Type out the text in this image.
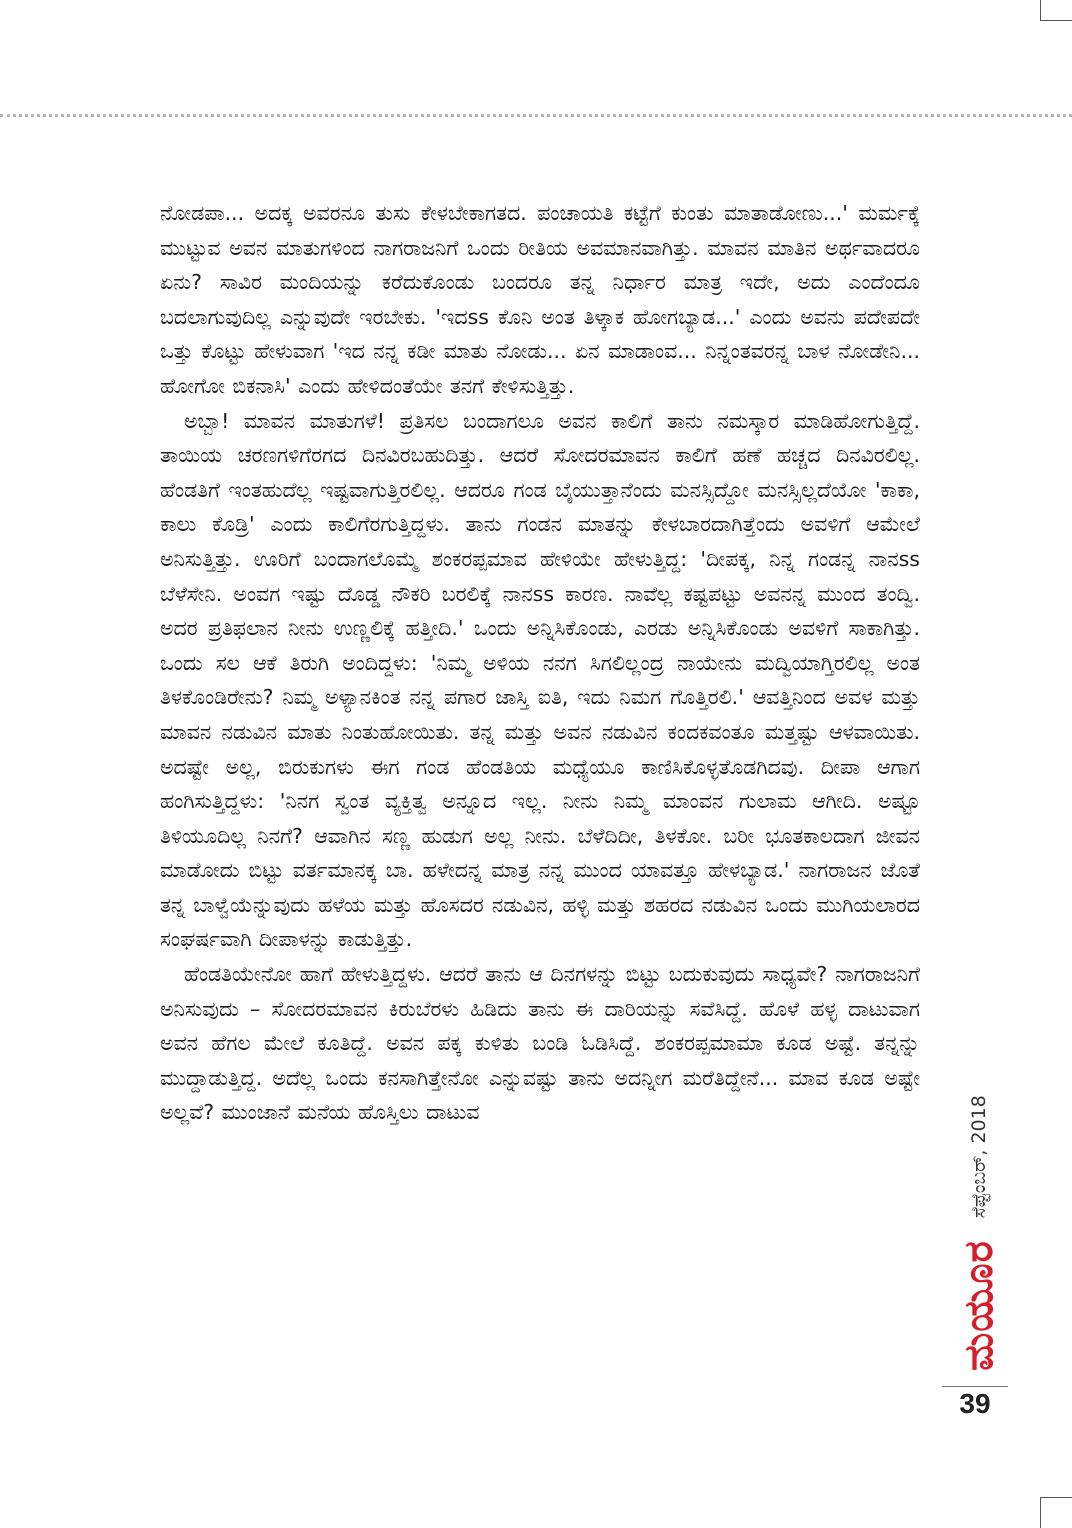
ನೋಡಪಾ... ಅದಕ್ಕ ಅವರನೂ ತುಸು ಕೇಳಬೇಕಾಗತದ. ಪಂಚಾಯತಿ ಕಟ್ಟೆಗೆ ಕುಂತು ಮಾತಾಡೋಣು...' ಮರ್ಮಕ್ಕೆ ಮುಟ್ಟುವ ಅವನ ಮಾತುಗಳಿಂದ ನಾಗರಾಜನಿಗೆ ಒಂದು ರೀತಿಯ ಅವಮಾನವಾಗಿತ್ತು. ಮಾವನ ಮಾತಿನ ಅರ್ಥವಾದರೂ ಏನು? ಸಾವಿರ ಮಂದಿಯನ್ನು ಕರೆದುಕೊಂಡು ಬಂದರೂ ತನ್ನ ನಿರ್ಧಾರ ಮಾತ್ರ ಇದೇ, ಅದು ಎಂದೆಂದೂ ಬದಲಾಗುವುದಿಲ್ಲ ಎನ್ನುವುದೇ ಇರಬೇಕು. 'ಇದss ಕೊನಿ ಅಂತ ತಿಳ್ಕಾಕ ಹೋಗಬ್ಯಾಡ...' ಎಂದು ಅವನು ಪದೇಪದೇ ಒತ್ತು ಕೊಟ್ಟು ಹೇಳುವಾಗ 'ಇದ ನನ್ನ ಕಡೀ ಮಾತು ನೋಡು... ಏನ ಮಾಡಾಂವ... ನಿನ್ನಂತವರನ್ನ ಬಾಳ ನೋಡೇನಿ... ಹೋಗೋ ಬಿಕನಾಸಿ' ಎಂದು ಹೇಳಿದಂತೆಯೇ ತನಗೆ ಕೇಳಿಸುತ್ತಿತ್ತು.

ಅಬ್ಬಾ! ಮಾವನ ಮಾತುಗಳೆ! ಪ್ರತಿಸಲ ಬಂದಾಗಲೂ ಅವನ ಕಾಲಿಗೆ ತಾನು ನಮಸ್ಕಾರ ಮಾಡಿಹೋಗುತ್ತಿದ್ದೆ. ತಾಯಿಯ ಚರಣಗಳಿಗೆರಗದ ದಿನವಿರಬಹುದಿತ್ತು. ಆದರೆ ಸೋದರಮಾವನ ಕಾಲಿಗೆ ಹಣೆ ಹಚ್ಚದ ದಿನವಿರಲಿಲ್ಲ. ಹೆಂಡತಿಗೆ ಇಂತಹುದೆಲ್ಲ ಇಷ್ಟವಾಗುತ್ತಿರಲಿಲ್ಲ. ಆದರೂ ಗಂಡ ಬೈಯುತ್ತಾನೆಂದು ಮನಸ್ಸಿದ್ದೋ ಮನಸ್ಸಿಲ್ಲದೆಯೋ 'ಕಾಕಾ, ಕಾಲು ಕೊಡ್ರಿ' ಎಂದು ಕಾಲಿಗೆರಗುತ್ತಿದ್ದಳು. ತಾನು ಗಂಡನ ಮಾತನ್ನು ಕೇಳಬಾರದಾಗಿತ್ತೆಂದು ಅವಳಿಗೆ ಆಮೇಲೆ ಅನಿಸುತ್ತಿತ್ತು. ಊರಿಗೆ ಬಂದಾಗಲೊಮ್ಮೆ ಶಂಕರಪ್ಪಮಾವ ಹೇಳಿಯೇ ಹೇಳುತ್ತಿದ್ದ: 'ದೀಪಕ್ಕ, ನಿನ್ನ ಗಂಡನ್ನ ನಾನss ಬೆಳೆಸೇನಿ. ಅಂವಗ ಇಷ್ಟು ದೊಡ್ಡ ನೌಕರಿ ಬರಲಿಕ್ಕೆ ನಾನss ಕಾರಣ. ನಾವೆಲ್ಲ ಕಷ್ಟಪಟ್ಟು ಅವನನ್ನ ಮುಂದ ತಂದ್ವಿ. ಅದರ ಪ್ರತಿಫಲಾನ ನೀನು ಉಣ್ಣಲಿಕ್ಕೆ ಹತ್ತೀದಿ.' ಒಂದು ಅನ್ನಿಸಿಕೊಂಡು, ಎರಡು ಅನ್ನಿಸಿಕೊಂಡು ಅವಳಿಗೆ ಸಾಕಾಗಿತ್ತು. ಒಂದು ಸಲ ಆಕೆ ತಿರುಗಿ ಅಂದಿದ್ದಳು: 'ನಿಮ್ಮ ಅಳಿಯ ನನಗ ಸಿಗಲಿಲ್ಲಂದ್ರ ನಾಯೇನು ಮದ್ವಿಯಾಗ್ತಿರಲಿಲ್ಲ ಅಂತ ತಿಳಕೊಂಡಿರೇನು? ನಿಮ್ಮ ಅಳ್ಯಾನಕಿಂತ ನನ್ನ ಪಗಾರ ಜಾಸ್ತಿ ಐತಿ, ಇದು ನಿಮಗ ಗೊತ್ತಿರಲಿ.' ಆವತ್ತಿನಿಂದ ಅವಳ ಮತ್ತು ಮಾವನ ನಡುವಿನ ಮಾತು ನಿಂತುಹೋಯಿತು. ತನ್ನ ಮತ್ತು ಅವನ ನಡುವಿನ ಕಂದಕವಂತೂ ಮತ್ತಷ್ಟು ಆಳವಾಯಿತು. ಅದಷ್ಟೇ ಅಲ್ಲ, ಬಿರುಕುಗಳು ಈಗ ಗಂಡ ಹೆಂಡತಿಯ ಮಧ್ಯೆಯೂ ಕಾಣಿಸಿಕೊಳ್ಳತೊಡಗಿದವು. ದೀಪಾ ಆಗಾಗ ಹಂಗಿಸುತ್ತಿದ್ದಳು: 'ನಿನಗ ಸ್ವಂತ ವ್ಯಕ್ತಿತ್ವ ಅನ್ನೂದ ಇಲ್ಲ. ನೀನು ನಿಮ್ಮ ಮಾಂವನ ಗುಲಾಮ ಆಗೀದಿ. ಅಷ್ಟೂ ತಿಳಿಯೂದಿಲ್ಲ ನಿನಗೆ? ಆವಾಗಿನ ಸಣ್ಣ ಹುಡುಗ ಅಲ್ಲ ನೀನು. ಬೆಳೆದಿದೀ, ತಿಳಕೋ. ಬರೀ ಭೂತಕಾಲದಾಗ ಜೀವನ ಮಾಡೋದು ಬಿಟ್ಟು ವರ್ತಮಾನಕ್ಕ ಬಾ. ಹಳೇದನ್ನ ಮಾತ್ರ ನನ್ನ ಮುಂದ ಯಾವತ್ತೂ ಹೇಳಬ್ಯಾಡ.' ನಾಗರಾಜನ ಜೊತೆ ತನ್ನ ಬಾಳ್ವೆಯೆನ್ನುವುದು ಹಳೆಯ ಮತ್ತು ಹೊಸದರ ನಡುವಿನ, ಹಳ್ಳಿ ಮತ್ತು ಶಹರದ ನಡುವಿನ ಒಂದು ಮುಗಿಯಲಾರದ ಸಂಘರ್ಷವಾಗಿ ದೀಪಾಳನ್ನು ಕಾಡುತ್ತಿತ್ತು.

ಹೆಂಡತಿಯೇನೋ ಹಾಗೆ ಹೇಳುತ್ತಿದ್ದಳು. ಆದರೆ ತಾನು ಆ ದಿನಗಳನ್ನು ಬಿಟ್ಟು ಬದುಕುವುದು ಸಾಧ್ಯವೇ? ನಾಗರಾಜನಿಗೆ ಅನಿಸುವುದು – ಸೋದರಮಾವನ ಕಿರುಬೆರಳು ಹಿಡಿದು ತಾನು ಈ ದಾರಿಯನ್ನು ಸವೆಸಿದ್ದೆ. ಹೊಳೆ ಹಳ್ಳ ದಾಟುವಾಗ ಅವನ ಹೆಗಲ ಮೇಲೆ ಕೂತಿದ್ದೆ. ಅವನ ಪಕ್ಕ ಕುಳಿತು ಬಂಡಿ ಓಡಿಸಿದ್ದೆ. ಶಂಕರಪ್ಪಮಾಮಾ ಕೂಡ ಅಷ್ಟೆ. ತನ್ನನ್ನು ಮುದ್ದಾಡುತ್ತಿದ್ದ. ಅದೆಲ್ಲ ಒಂದು ಕನಸಾಗಿತ್ತೇನೋ ಎನ್ನುವಷ್ಟು ತಾನು ಅದನ್ನೀಗ ಮರೆತಿದ್ದೇನೆ... ಮಾವ ಕೂಡ ಅಷ್ಟೇ ಅಲ್ಲವೆ? ಮುಂಜಾನೆ ಮನೆಯ ಹೊಸ್ತಿಲು ದಾಟುವ

ಮಯೂರ
ಸೆಪ್ಟೆಂಬರ್, 2018
39
